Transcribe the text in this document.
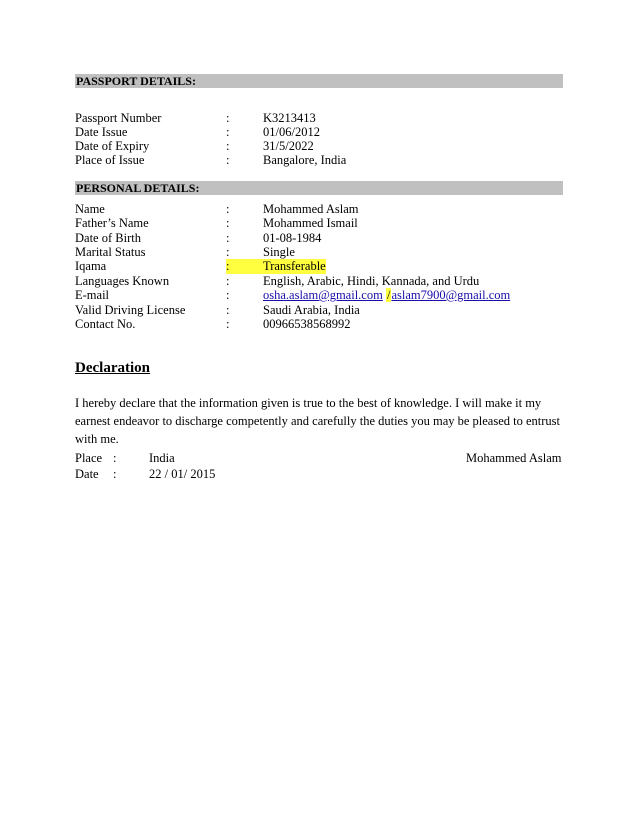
PASSPORT DETAILS:
Passport Number	:	K3213413
Date Issue	:	01/06/2012
Date of Expiry	:	31/5/2022
Place of Issue	:	Bangalore, India
PERSONAL DETAILS:
Name	:	Mohammed Aslam
Father’s Name	:	Mohammed Ismail
Date of Birth	:	01-08-1984
Marital Status	:	Single
Iqama	:	Transferable
Languages Known	:	English, Arabic, Hindi, Kannada, and Urdu
E-mail	:	osha.aslam@gmail.com /aslam7900@gmail.com
Valid Driving License	:	Saudi Arabia, India
Contact No.	:	00966538568992
Declaration
I hereby declare that the information given is true to the best of knowledge. I will make it my earnest endeavor to discharge competently and carefully the duties you may be pleased to entrust with me.
Place :	India	Mohammed Aslam
Date :	22 / 01/ 2015
